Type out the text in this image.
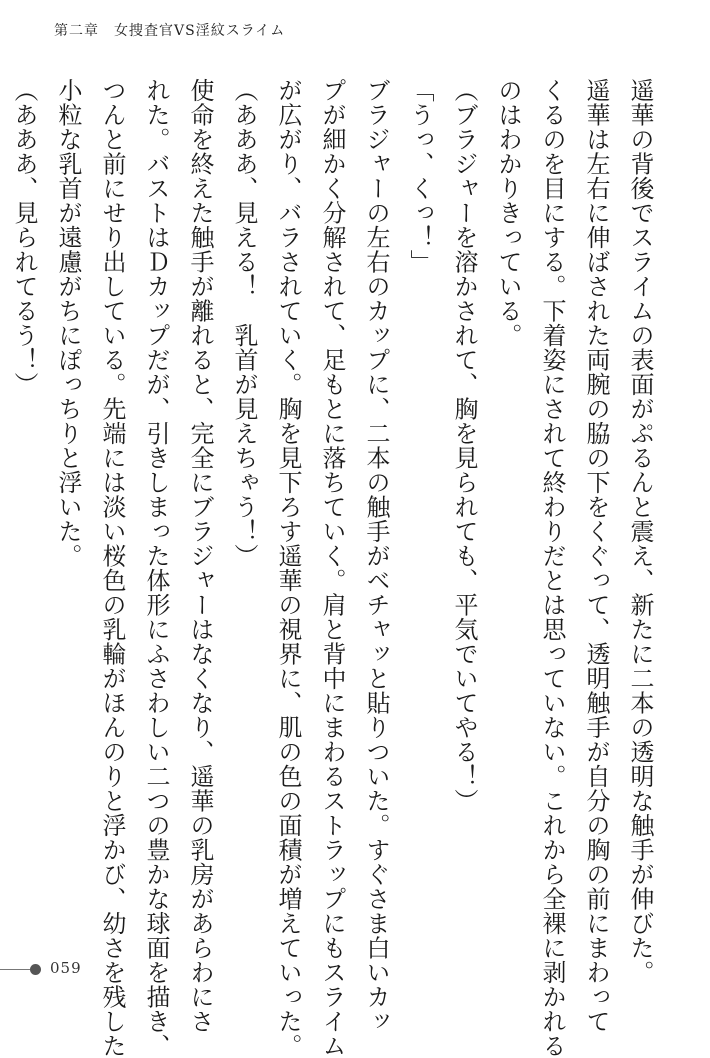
第二章　女捜査官VS淫紋スライム
遥華の背後でスライムの表面がぷるんと震え、新たに二本の透明な触手が伸びた。
遥華は左右に伸ばされた両腕の脇の下をくぐって、透明触手が自分の胸の前にまわって
くるのを目にする。下着姿にされて終わりだとは思っていない。これから全裸に剥かれる
のはわかりきっている。
（ブラジャーを溶かされて、胸を見られても、平気でいてやる！）
「うっ、くっ！」
ブラジャーの左右のカップに、二本の触手がベチャッと貼りついた。すぐさま白いカッ
プが細かく分解されて、足もとに落ちていく。肩と背中にまわるストラップにもスライム
が広がり、バラされていく。胸を見下ろす遥華の視界に、肌の色の面積が増えていった。
（あああ、見える！　乳首が見えちゃう！）
使命を終えた触手が離れると、完全にブラジャーはなくなり、遥華の乳房があらわにさ
れた。バストはＤカップだが、引きしまった体形にふさわしい二つの豊かな球面を描き、
つんと前にせり出している。先端には淡い桜色の乳輪がほんのりと浮かび、幼さを残した
小粒な乳首が遠慮がちにぽっちりと浮いた。
（あああ、見られてるう！）
059
